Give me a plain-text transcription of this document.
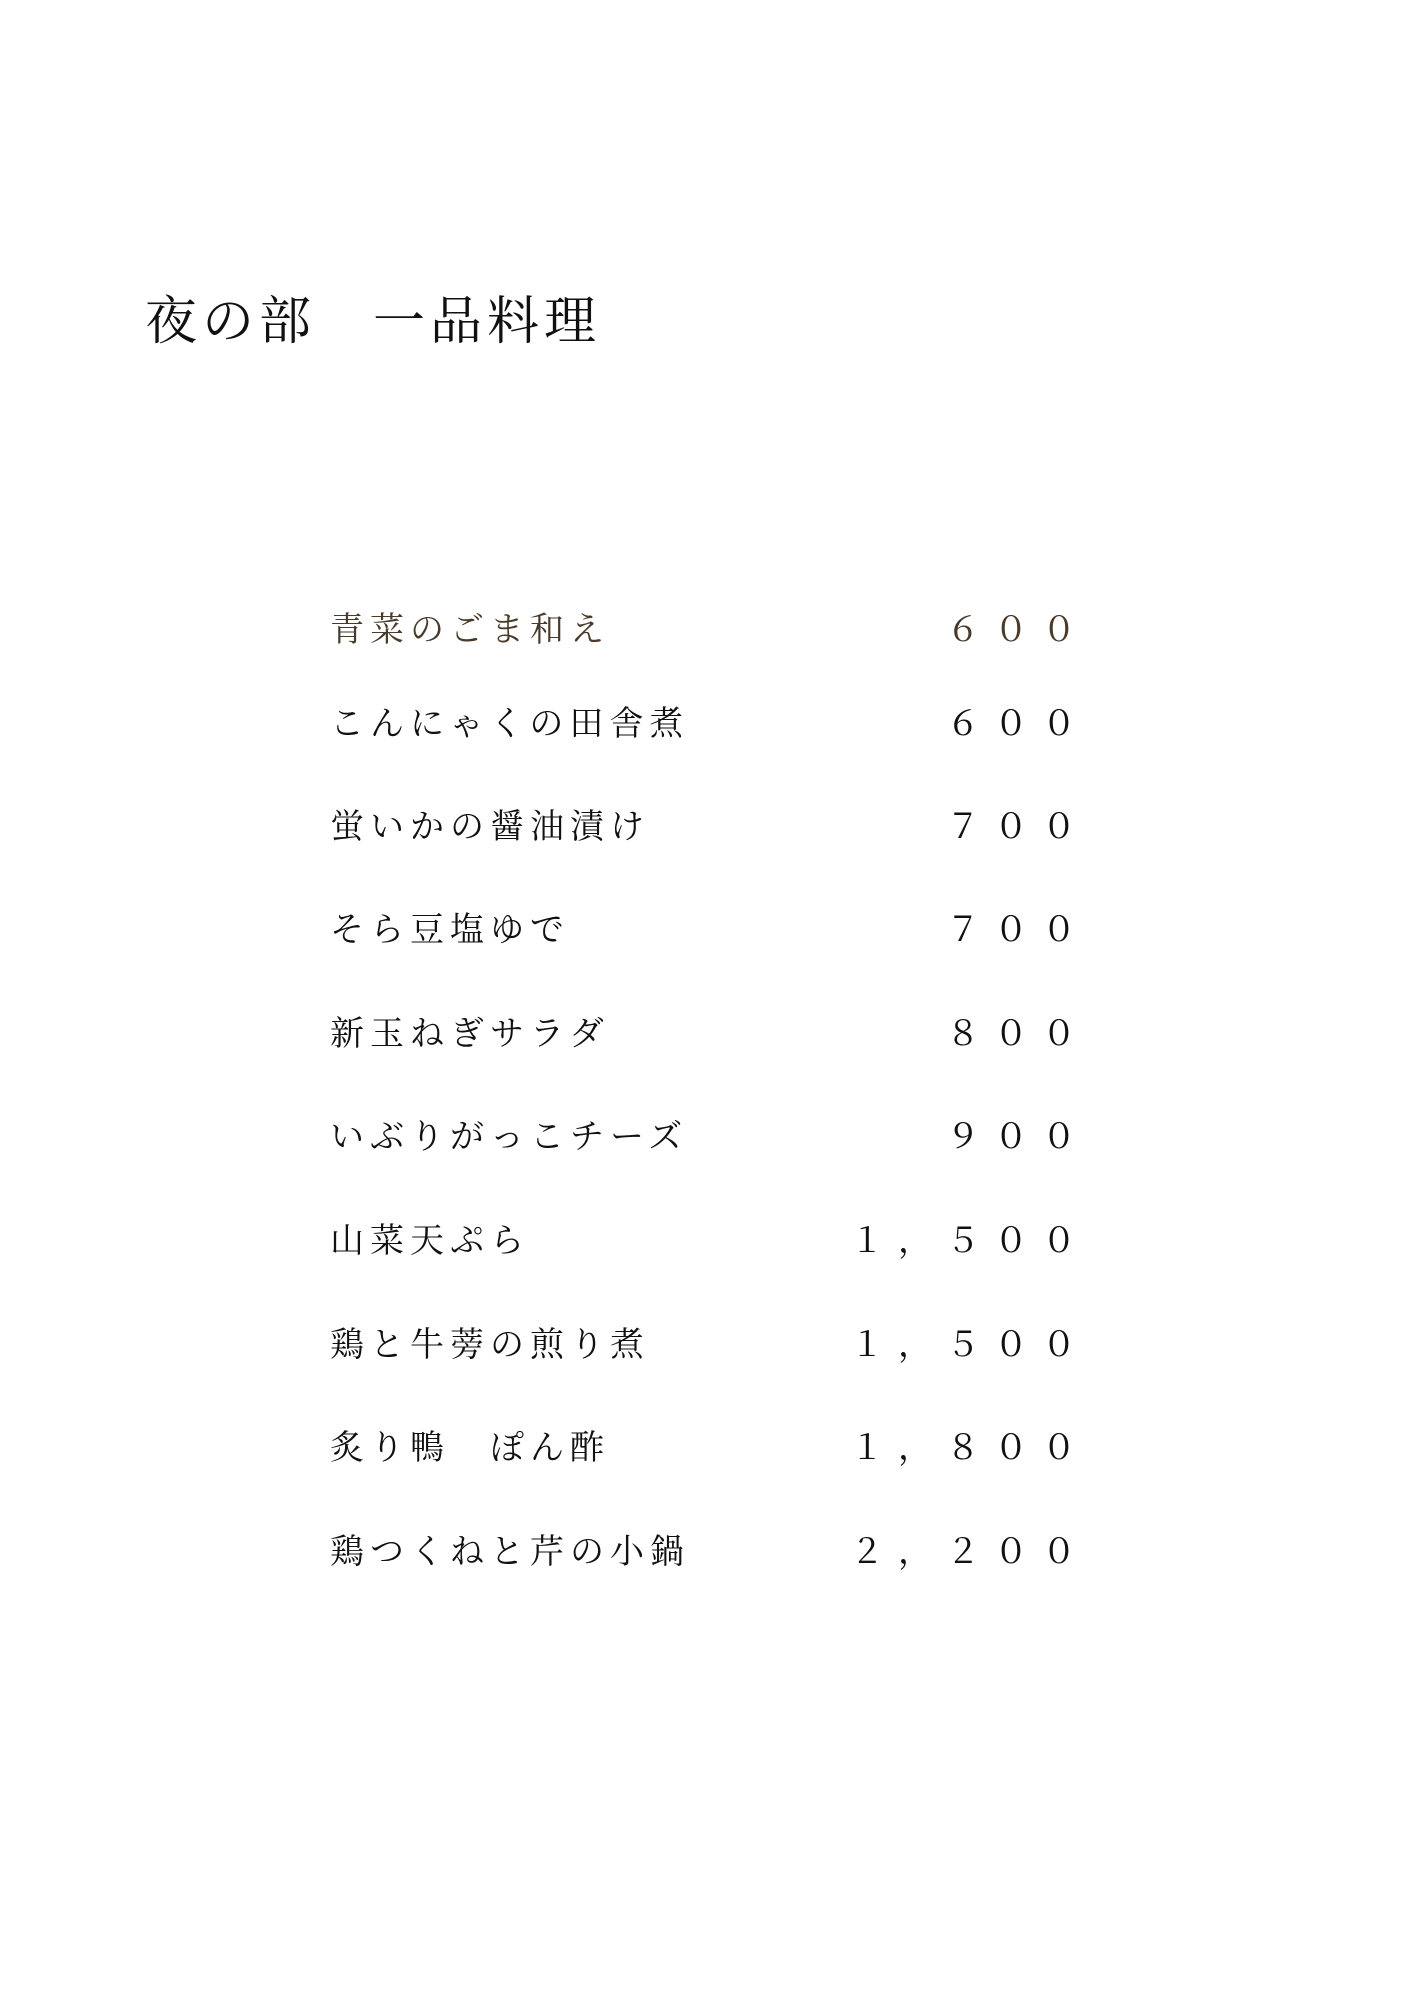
夜の部　一品料理
青菜のごま和え	６００
こんにゃくの田舎煮	６００
蛍いかの醤油漬け	７００
そら豆塩ゆで	７００
新玉ねぎサラダ	８００
いぶりがっこチーズ	９００
山菜天ぷら	１，５００
鶏と牛蒡の煎り煮	１，５００
炙り鴨　ぽん酢	１，８００
鶏つくねと芹の小鍋	２，２００
